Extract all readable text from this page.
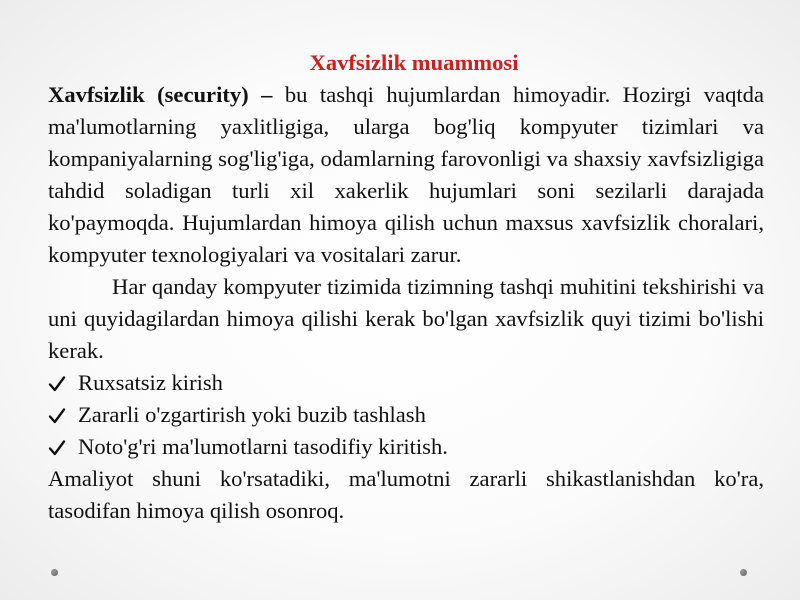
Xavfsizlik muammosi

Xavfsizlik (security) – bu tashqi hujumlardan himoyadir. Hozirgi vaqtda ma'lumotlarning yaxlitligiga, ularga bog'liq kompyuter tizimlari va kompaniyalarning sog'lig'iga, odamlarning farovonligi va shaxsiy xavfsizligiga tahdid soladigan turli xil xakerlik hujumlari soni sezilarli darajada ko'paymoqda. Hujumlardan himoya qilish uchun maxsus xavfsizlik choralari, kompyuter texnologiyalari va vositalari zarur.

Har qanday kompyuter tizimida tizimning tashqi muhitini tekshirishi va uni quyidagilardan himoya qilishi kerak bo'lgan xavfsizlik quyi tizimi bo'lishi kerak.

Ruxsatsiz kirish
Zararli o'zgartirish yoki buzib tashlash
Noto'g'ri ma'lumotlarni tasodifiy kiritish.

Amaliyot shuni ko'rsatadiki, ma'lumotni zararli shikastlanishdan ko'ra, tasodifan himoya qilish osonroq.
